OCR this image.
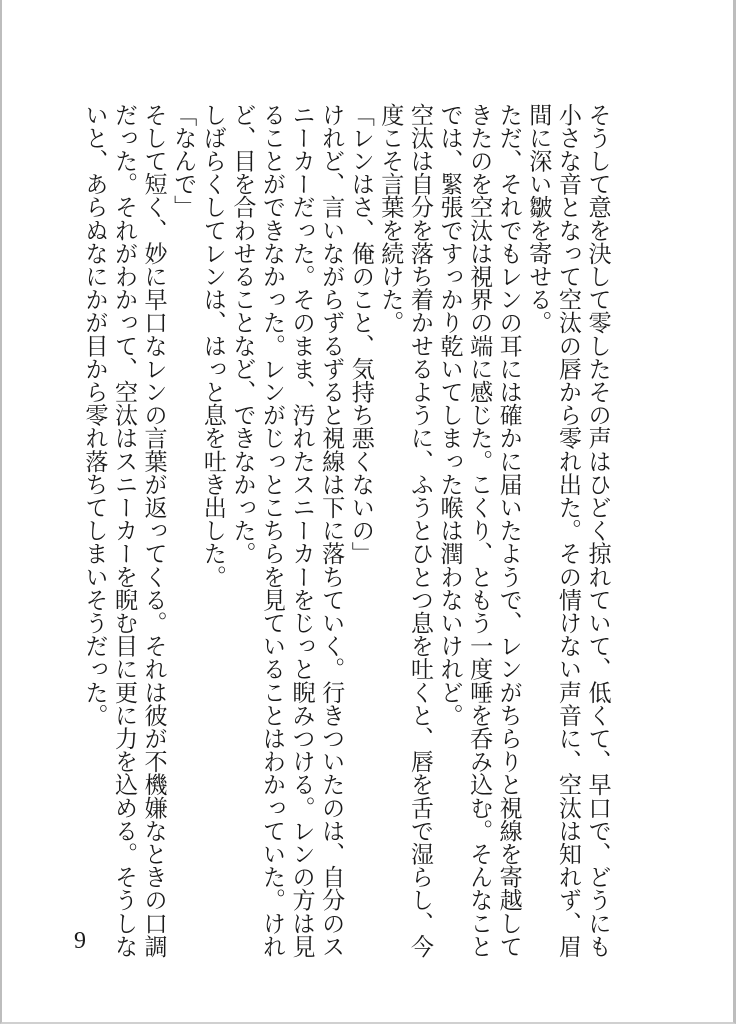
そうして意を決して零したその声はひどく掠れていて、低くて、早口で、どうにも小さな音となって空汰の唇から零れ出た。その情けない声音に、空汰は知れず、眉間に深い皺を寄せる。

ただ、それでもレンの耳には確かに届いたようで、レンがちらりと視線を寄越してきたのを空汰は視界の端に感じた。こくり、ともう一度唾を呑み込む。そんなことでは、緊張ですっかり乾いてしまった喉は潤わないけれど。

空汰は自分を落ち着かせるように、ふうとひとつ息を吐くと、唇を舌で湿らし、今度こそ言葉を続けた。

「レンはさ、俺のこと、気持ち悪くないの」

けれど、言いながらずるずると視線は下に落ちていく。行きついたのは、自分のスニーカーだった。そのまま、汚れたスニーカーをじっと睨みつける。レンの方は見ることができなかった。レンがじっとこちらを見ていることはわかっていた。けれど、目を合わせることなど、できなかった。

しばらくしてレンは、はっと息を吐き出した。

「なんで」

そして短く、妙に早口なレンの言葉が返ってくる。それは彼が不機嫌なときの口調だった。それがわかって、空汰はスニーカーを睨む目に更に力を込める。そうしないと、あらぬなにかが目から零れ落ちてしまいそうだった。

9
